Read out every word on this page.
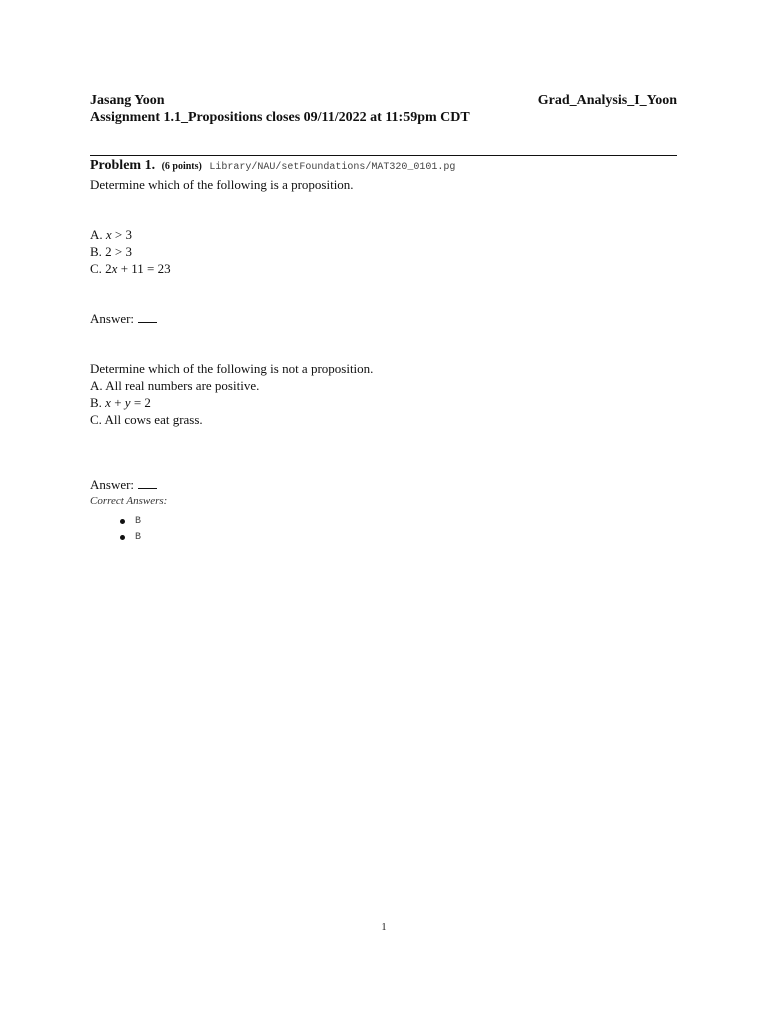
Jasang Yoon	Grad_Analysis_I_Yoon
Assignment 1.1_Propositions closes 09/11/2022 at 11:59pm CDT
Problem 1. (6 points) Library/NAU/setFoundations/MAT320_0101.pg
Determine which of the following is a proposition.
A. x > 3
B. 2 > 3
C. 2x + 11 = 23
Answer:
Determine which of the following is not a proposition.
A. All real numbers are positive.
B. x + y = 2
C. All cows eat grass.
Answer:
Correct Answers:
B
B
1
